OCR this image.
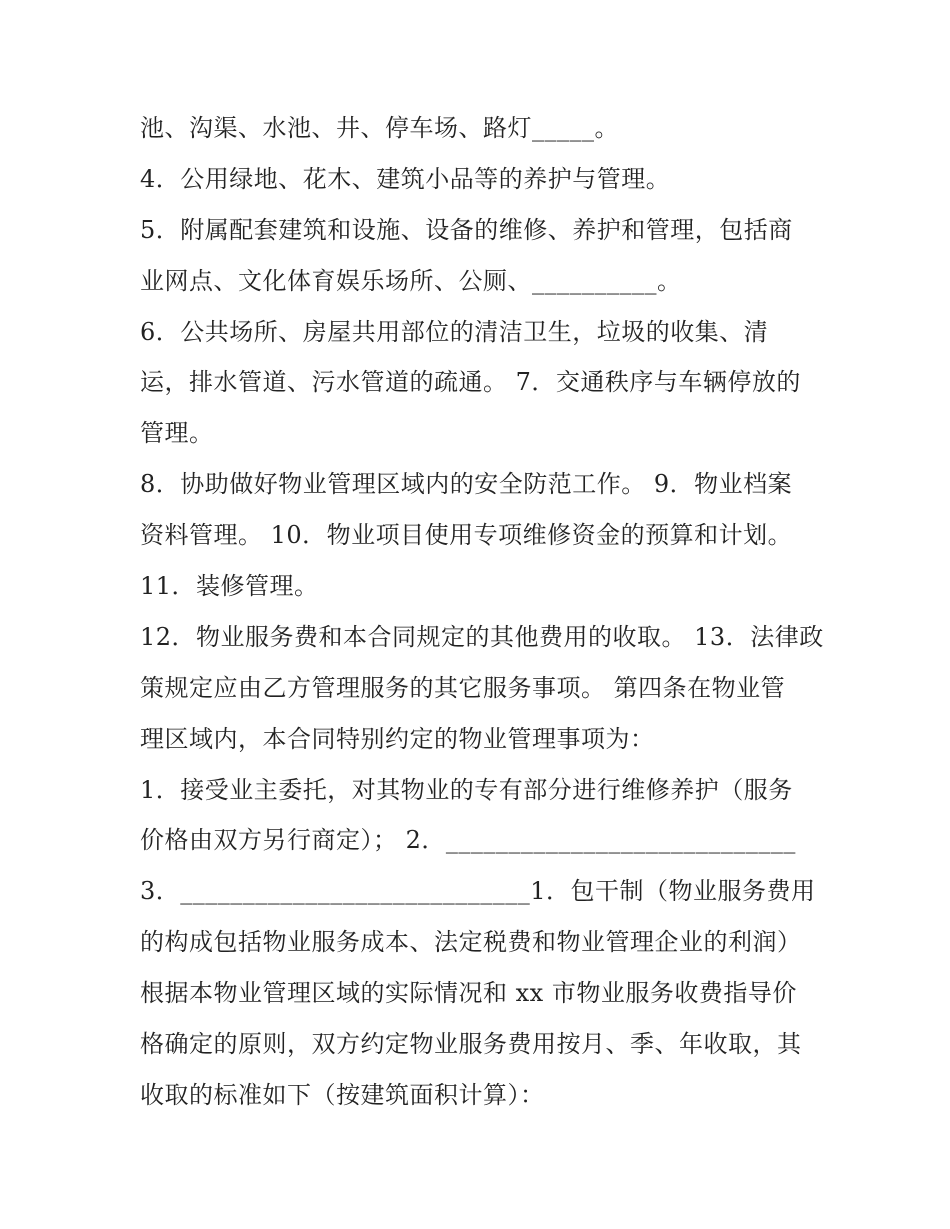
池、沟渠、水池、井、停车场、路灯_____。
4．公用绿地、花木、建筑小品等的养护与管理。
5．附属配套建筑和设施、设备的维修、养护和管理，包括商
业网点、文化体育娱乐场所、公厕、__________。
6．公共场所、房屋共用部位的清洁卫生，垃圾的收集、清
运，排水管道、污水管道的疏通。 7．交通秩序与车辆停放的
管理。
8．协助做好物业管理区域内的安全防范工作。 9．物业档案
资料管理。 10．物业项目使用专项维修资金的预算和计划。
11．装修管理。
12．物业服务费和本合同规定的其他费用的收取。 13．法律政
策规定应由乙方管理服务的其它服务事项。 第四条在物业管
理区域内，本合同特别约定的物业管理事项为：
1．接受业主委托，对其物业的专有部分进行维修养护（服务
价格由双方另行商定）； 2．____________________________
3．____________________________1．包干制（物业服务费用
的构成包括物业服务成本、法定税费和物业管理企业的利润）
根据本物业管理区域的实际情况和 xx 市物业服务收费指导价
格确定的原则，双方约定物业服务费用按月、季、年收取，其
收取的标准如下（按建筑面积计算）：
